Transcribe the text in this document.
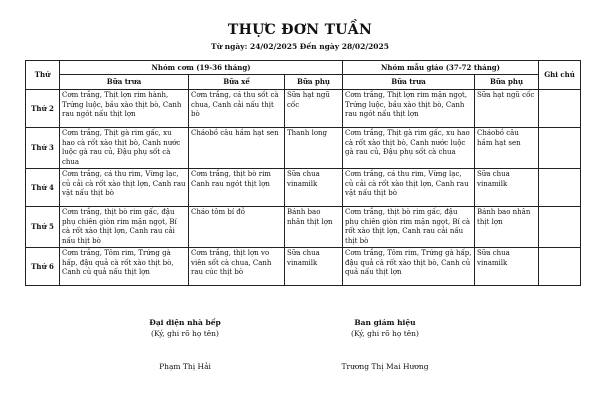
THỰC ĐƠN TUẦN
Từ ngày: 24/02/2025 Đến ngày 28/02/2025
Thứ	Nhóm cơm (19-36 tháng)			Nhóm mẫu giáo (37-72 tháng)		Ghi chú
	Bữa trưa	Bữa xế	Bữa phụ	Bữa trưa	Bữa phụ	
Thứ 2	Cơm trắng, Thịt lợn rim hành, Trứng luộc, bầu xào thịt bò, Canh rau ngót nấu thịt lợn	Cơm trắng, cá thu sốt cà chua, Canh cải nấu thịt bò	Sữa hạt ngũ cốc	Cơm trắng, Thịt lợn rim mặn ngọt, Trứng luộc, bầu xào thịt bò, Canh rau ngót nấu thịt lợn	Sữa hạt ngũ cốc	
Thứ 3	Cơm trắng, Thịt gà rim gấc, xu hao cà rốt xào thịt bò, Canh nước luộc gà rau củ, Đậu phụ sốt cà chua	Cháobồ câu hầm hạt sen	Thanh long	Cơm trắng, Thịt gà rim gấc, xu hao cà rốt xào thịt bò, Canh nước luộc gà rau củ, Đậu phụ sốt cà chua	Cháobồ câu hầm hạt sen	
Thứ 4	Cơm trắng, cá thu rim, Vừng lạc, củ cải cà rốt xào thịt lợn, Canh rau vặt nấu thịt bò	Cơm trắng, thịt bò rim Canh rau ngót thịt lợn	Sữa chua vinamilk	Cơm trắng, cá thu rim, Vừng lạc, củ cải cà rốt xào thịt lợn, Canh rau vặt nấu thịt bò	Sữa chua vinamilk	
Thứ 5	Cơm trắng, thịt bò rim gấc, đậu phụ chiên giòn rim mặn ngọt, Bí cà rốt xào thịt lợn, Canh rau cải nấu thịt bò	Cháo tôm bí đỏ	Bánh bao nhân thịt lợn	Cơm trắng, thịt bò rim gấc, đậu phụ chiên giòn rim mặn ngọt, Bí cà rốt xào thịt lợn, Canh rau cải nấu thịt bò	Bánh bao nhân thịt lợn	
Thứ 6	Cơm trắng, Tôm rim, Trứng gà hấp, đậu quả cà rốt xào thịt bò, Canh củ quả nấu thịt lợn	Cơm trắng, thịt lợn vo viên sốt cà chua, Canh rau cúc thịt bò	Sữa chua vinamilk	Cơm trắng, Tôm rim, Trứng gà hấp, đậu quả cà rốt xào thịt bò, Canh củ quả nấu thịt lợn	Sữa chua vinamilk	
Đại diện nhà bếp
(Ký, ghi rõ họ tên)
Phạm Thị Hải
Ban giám hiệu
(Ký, ghi rõ họ tên)
Trương Thị Mai Hương
